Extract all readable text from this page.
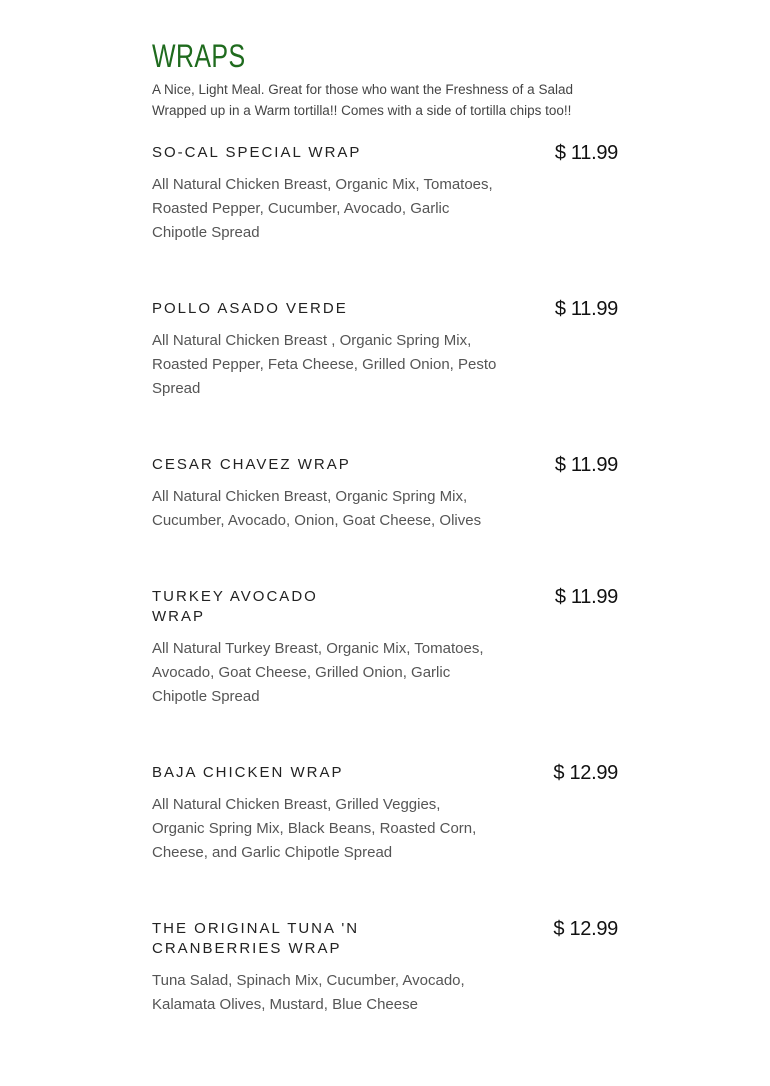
WRAPS
A Nice, Light Meal. Great for those who want the Freshness of a Salad Wrapped up in a Warm tortilla!! Comes with a side of tortilla chips too!!
SO-CAL SPECIAL WRAP	$ 11.99
All Natural Chicken Breast, Organic Mix, Tomatoes, Roasted Pepper, Cucumber, Avocado, Garlic Chipotle Spread
POLLO ASADO VERDE	$ 11.99
All Natural Chicken Breast , Organic Spring Mix, Roasted Pepper, Feta Cheese, Grilled Onion, Pesto Spread
CESAR CHAVEZ WRAP	$ 11.99
All Natural Chicken Breast, Organic Spring Mix, Cucumber, Avocado, Onion, Goat Cheese, Olives
TURKEY AVOCADO WRAP
$ 11.99
All Natural Turkey Breast, Organic Mix, Tomatoes, Avocado, Goat Cheese, Grilled Onion, Garlic Chipotle Spread
BAJA CHICKEN WRAP	$ 12.99
All Natural Chicken Breast, Grilled Veggies, Organic Spring Mix, Black Beans, Roasted Corn, Cheese, and Garlic Chipotle Spread
THE ORIGINAL TUNA 'N CRANBERRIES WRAP
$ 12.99
Tuna Salad, Spinach Mix, Cucumber, Avocado, Kalamata Olives, Mustard, Blue Cheese
